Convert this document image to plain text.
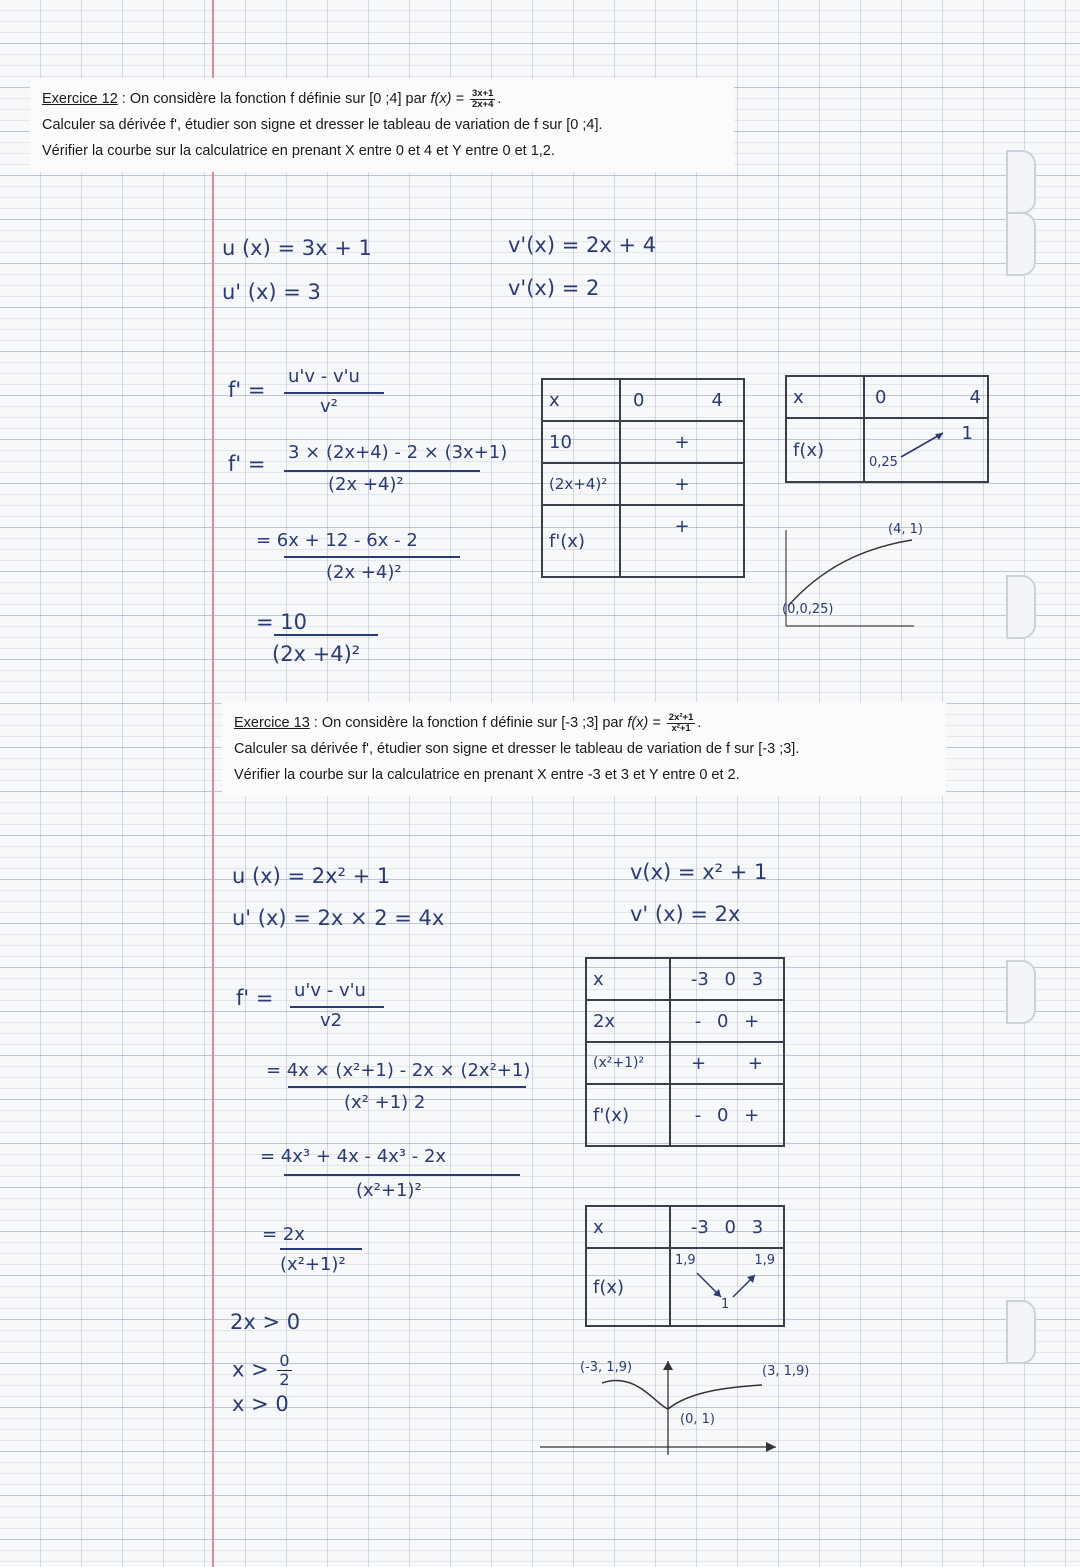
Exercice 12 : On considère la fonction f définie sur [0 ;4] par $f(x) = \frac{3x+1}{2x+4}$ .
Calculer sa dérivée f', étudier son signe et dresser le tableau de variation de f sur [0 ;4].
Vérifier la courbe sur la calculatrice en prenant X entre 0 et 4 et Y entre 0 et 1,2.
u (x) = 3x + 1
u' (x) = 3
v'(x) = 2x + 4
v'(x) = 2
f' =
u'v - v'u
v²
f' = 3 × (2x+4) - 2 × (3x+1)
(2x +4)²
= 6x + 12 - 6x - 2
(2x +4)²
= 10
(2x +4)²
x	0 4

10	+
(2x+4)²	+
f'(x)	+
x	0 4

f(x)	0,25
1
(0,0,25)
(4, 1)
Exercice 13 : On considère la fonction f définie sur [-3 ;3] par $f(x) = \frac{\text{2x²+1}}{\text{x²+1}}$ .
Calculer sa dérivée f', étudier son signe et dresser le tableau de variation de f sur [-3 ;3].
Vérifier la courbe sur la calculatrice en prenant X entre -3 et 3 et Y entre 0 et 2.
u (x) = 2x² + 1
u' (x) = 2x × 2 = 4x
v(x) = x² + 1
v' (x) = 2x
f' = u'v - v'u
v2
= 4x × (x²+1) - 2x × (2x²+1)
(x² +1) 2
= 4x³ + 4x - 4x³ - 2x
(x²+1)²
= 2x
(x²+1)²
2x > 0
$x > \frac{0}{2}$
x > 0
x	-3 0 3
2x	- 0 +
(x²+1)²	+ +
f'(x)	- 0 +
x	-3 0 3
f(x)	1,9
1
1,9
(-3, 1,9)
(0, 1)
(3, 1,9)
